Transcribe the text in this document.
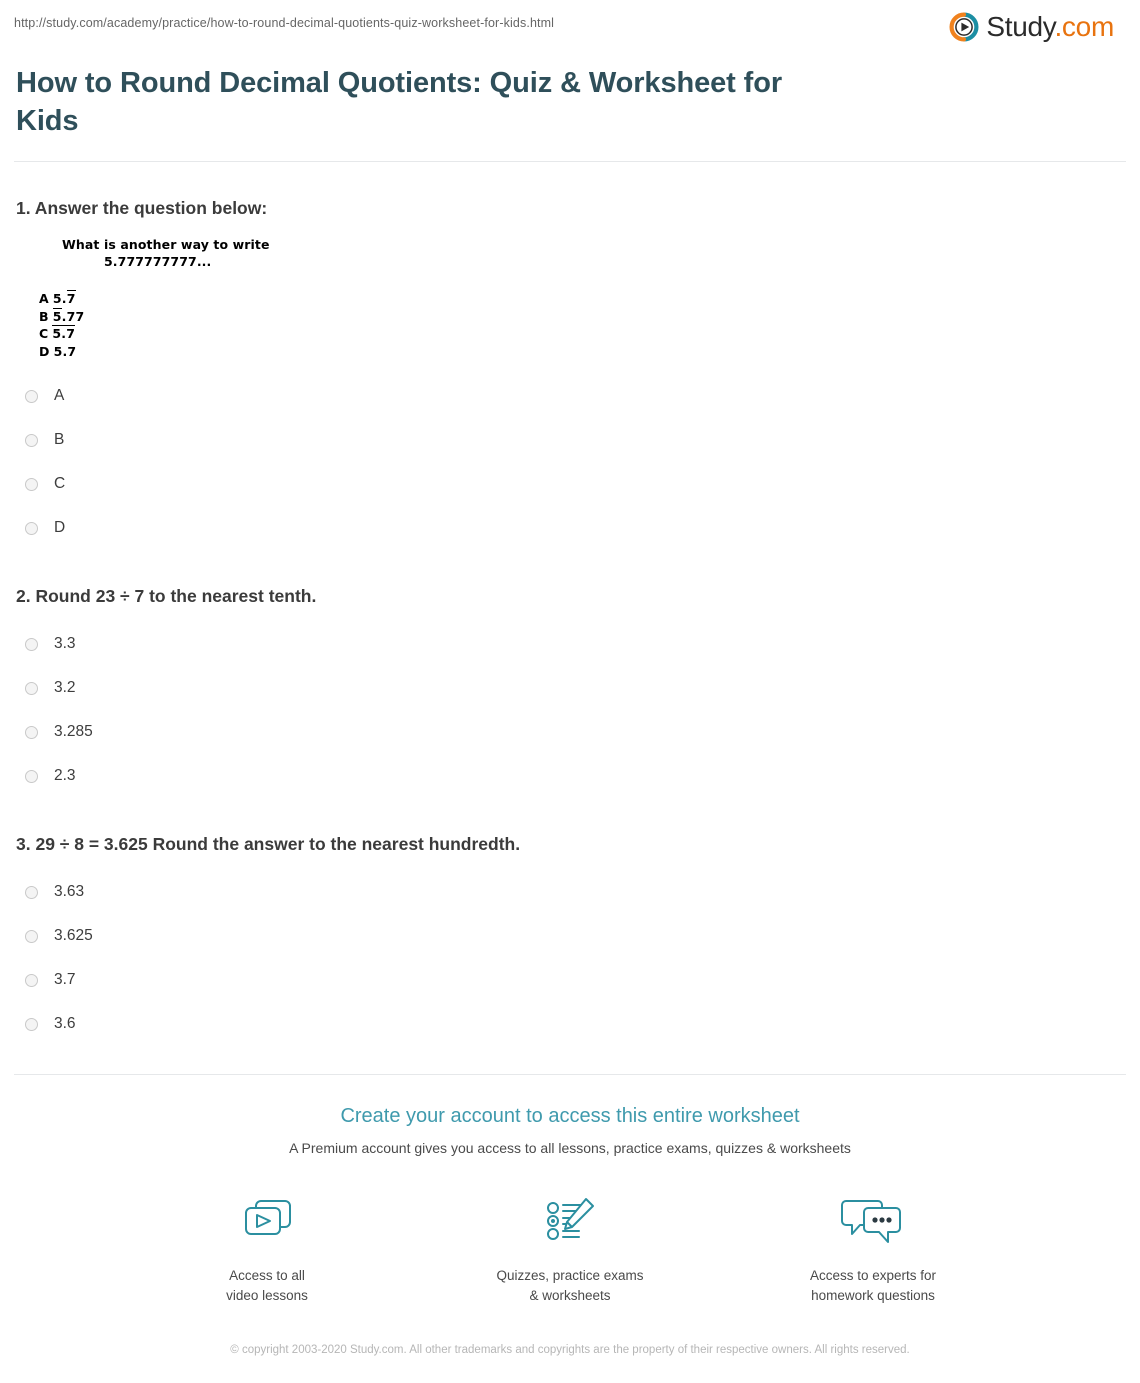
http://study.com/academy/practice/how-to-round-decimal-quotients-quiz-worksheet-for-kids.html	Study.com
How to Round Decimal Quotients: Quiz & Worksheet for Kids

1. Answer the question below:

What is another way to write
5.777777777...
A 5.7
B 5.77
C 5.7
D 5.7
A
B
C
D

2. Round 23 ÷ 7 to the nearest tenth.

3.3
3.2
3.285
2.3

3. 29 ÷ 8 = 3.625 Round the answer to the nearest hundredth.

3.63
3.625
3.7
3.6
Create your account to access this entire worksheet
A Premium account gives you access to all lessons, practice exams, quizzes & worksheets
Access to all
video lessons
Quizzes, practice exams
& worksheets
Access to experts for
homework questions
© copyright 2003-2020 Study.com. All other trademarks and copyrights are the property of their respective owners. All rights reserved.
